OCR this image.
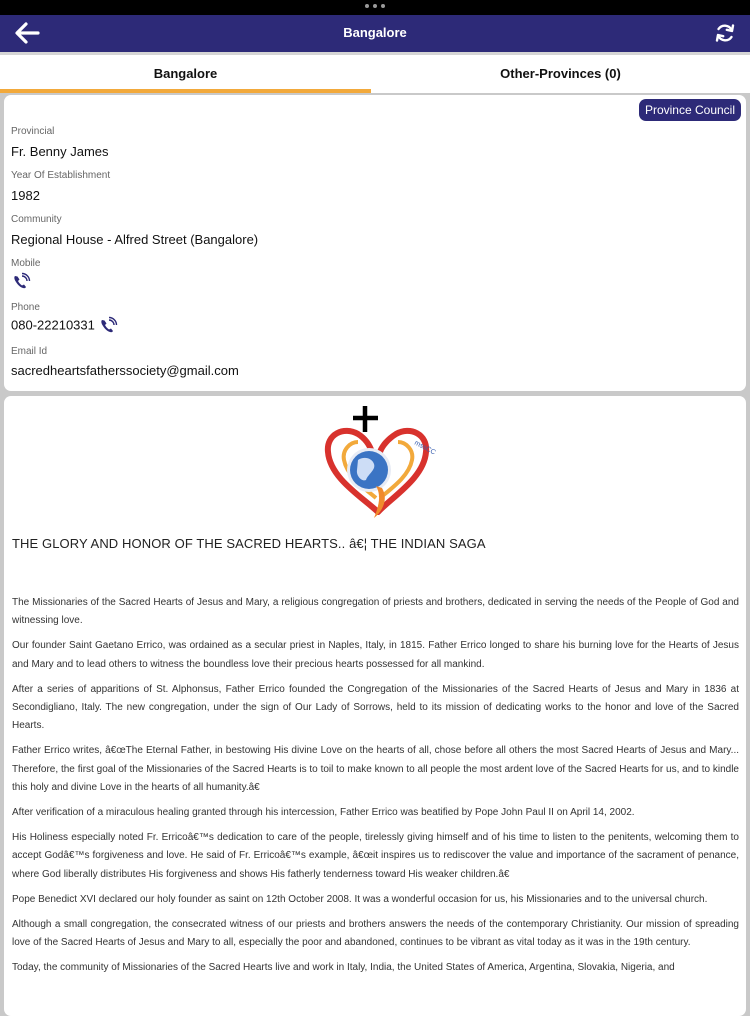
Bangalore
Bangalore	Other-Provinces (0)
Province Council
Provincial
Fr. Benny James
Year Of Establishment
1982
Community
Regional House - Alfred Street (Bangalore)
Mobile
Phone
080-22210331
Email Id
sacredheartsfatherssociety@gmail.com
mssCC
THE GLORY AND HONOR OF THE SACRED HEARTS.. â€¦ THE INDIAN SAGA

The Missionaries of the Sacred Hearts of Jesus and Mary, a religious congregation of priests and brothers, dedicated in serving the needs of the People of God and witnessing love.

Our founder Saint Gaetano Errico, was ordained as a secular priest in Naples, Italy, in 1815. Father Errico longed to share his burning love for the Hearts of Jesus and Mary and to lead others to witness the boundless love their precious hearts possessed for all mankind.

After a series of apparitions of St. Alphonsus, Father Errico founded the Congregation of the Missionaries of the Sacred Hearts of Jesus and Mary in 1836 at Secondigliano, Italy. The new congregation, under the sign of Our Lady of Sorrows, held to its mission of dedicating works to the honor and love of the Sacred Hearts.

Father Errico writes, â€œThe Eternal Father, in bestowing His divine Love on the hearts of all, chose before all others the most Sacred Hearts of Jesus and Mary... Therefore, the first goal of the Missionaries of the Sacred Hearts is to toil to make known to all people the most ardent love of the Sacred Hearts for us, and to kindle this holy and divine Love in the hearts of all humanity.â€

After verification of a miraculous healing granted through his intercession, Father Errico was beatified by Pope John Paul II on April 14, 2002.

His Holiness especially noted Fr. Erricoâ€™s dedication to care of the people, tirelessly giving himself and of his time to listen to the penitents, welcoming them to accept Godâ€™s forgiveness and love. He said of Fr. Erricoâ€™s example, â€œit inspires us to rediscover the value and importance of the sacrament of penance, where God liberally distributes His forgiveness and shows His fatherly tenderness toward His weaker children.â€

Pope Benedict XVI declared our holy founder as saint on 12th October 2008. It was a wonderful occasion for us, his Missionaries and to the universal church.

Although a small congregation, the consecrated witness of our priests and brothers answers the needs of the contemporary Christianity. Our mission of spreading love of the Sacred Hearts of Jesus and Mary to all, especially the poor and abandoned, continues to be vibrant as vital today as it was in the 19th century.

Today, the community of Missionaries of the Sacred Hearts live and work in Italy, India, the United States of America, Argentina, Slovakia, Nigeria, and
